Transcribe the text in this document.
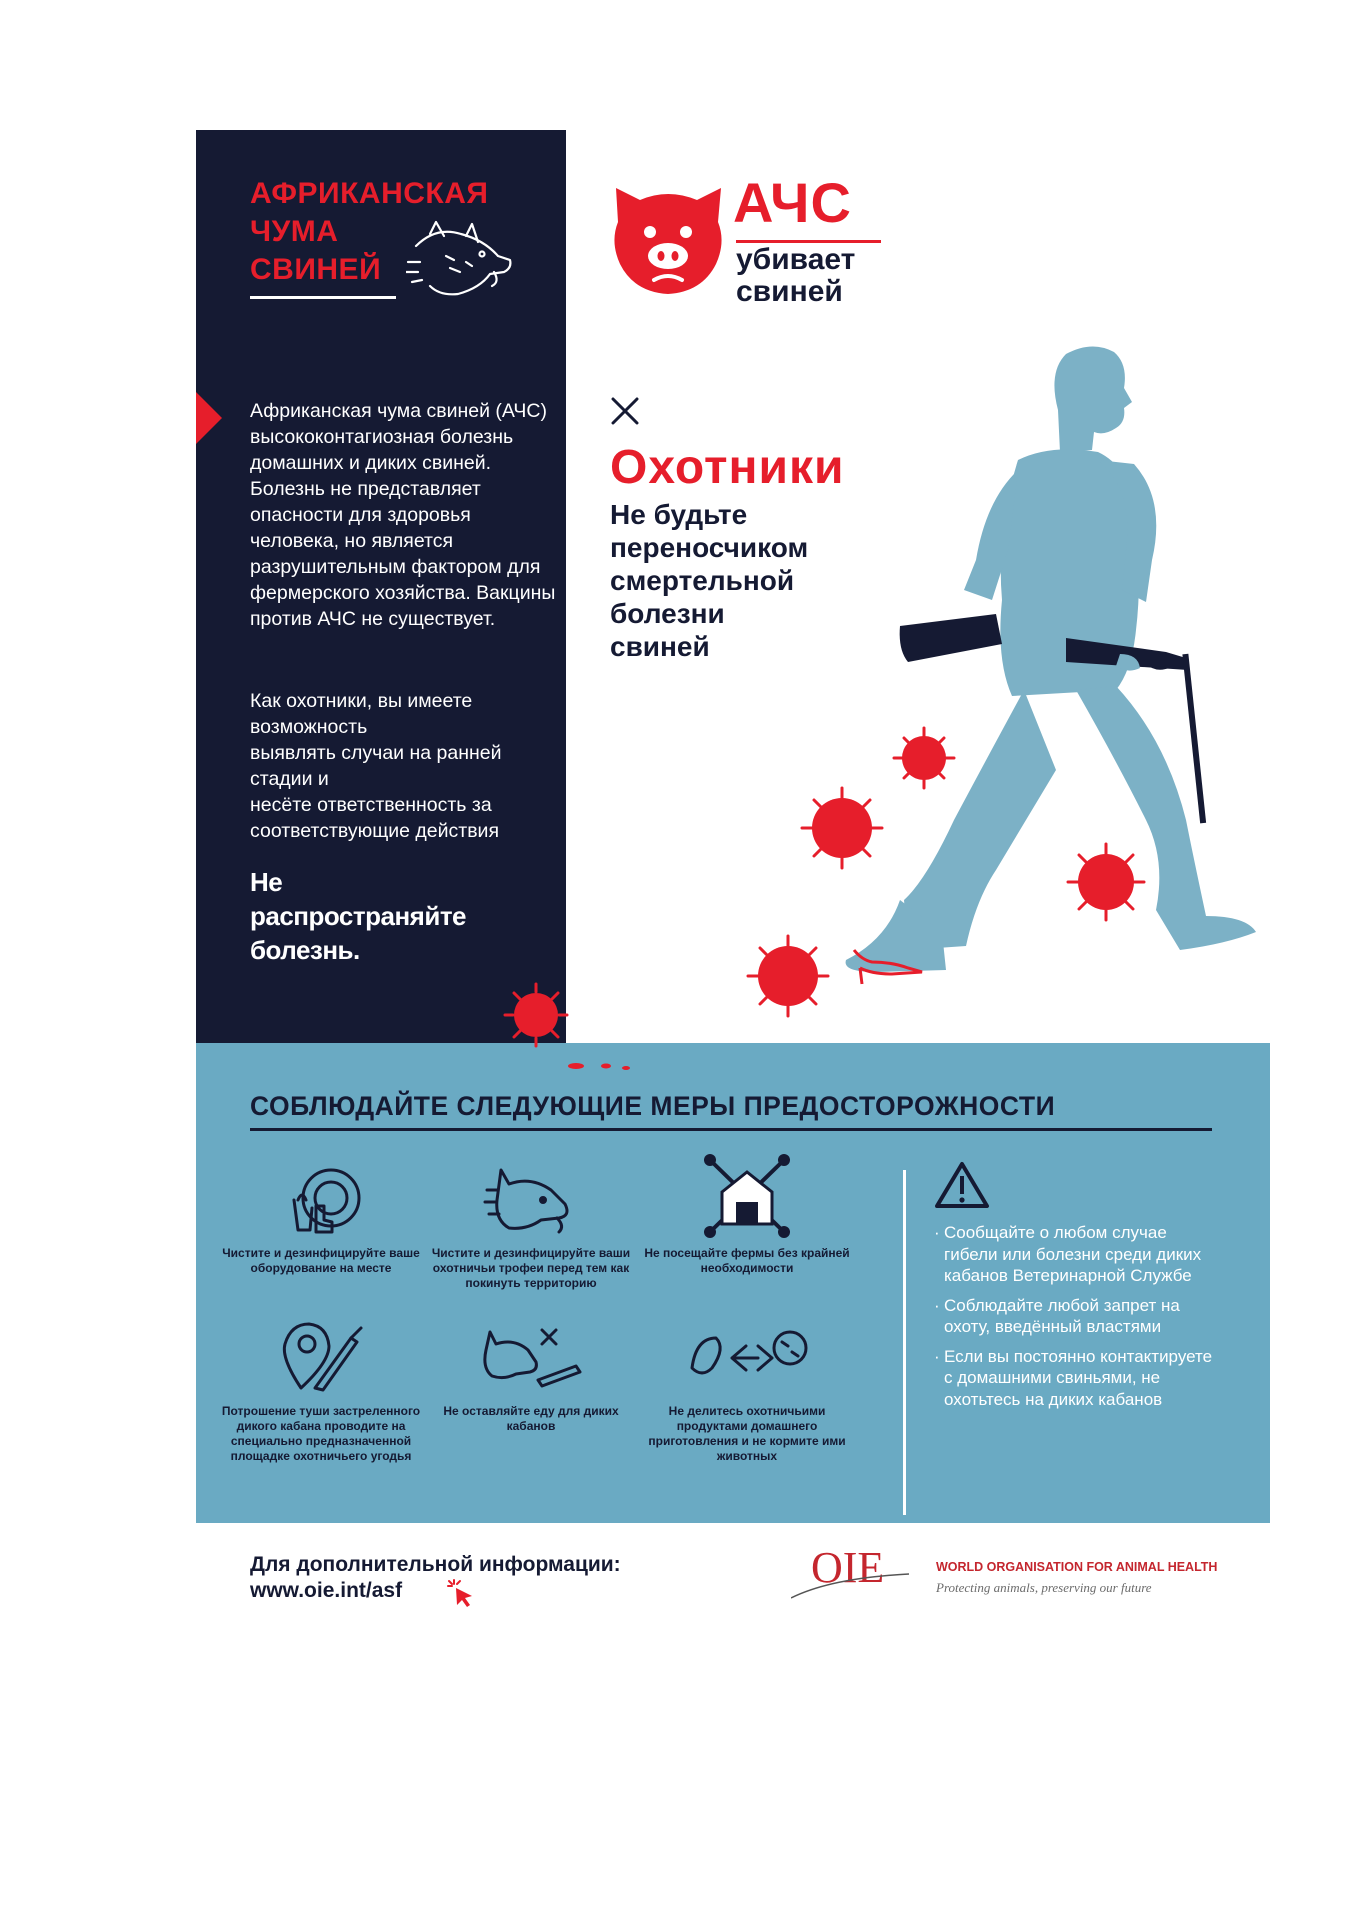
АФРИКАНСКАЯ
ЧУМА
СВИНЕЙ
Африканская чума свиней (АЧС) высококонтагиозная болезнь домашних и диких свиней. Болезнь не представляет опасности для здоровья человека, но является разрушительным фактором для фермерского хозяйства. Вакцины против АЧС не существует.
Как охотники, вы имеете возможность
выявлять случаи на ранней стадии и
несёте ответственность за соответствующие действия
Не
распространяйте
болезнь.
АЧС
убивает
свиней
Охотники
Не будьте
переносчиком
смертельной
болезни
свиней
СОБЛЮДАЙТЕ СЛЕДУЮЩИЕ МЕРЫ ПРЕДОСТОРОЖНОСТИ
Чистите и дезинфицируйте ваше оборудование на месте
Чистите и дезинфицируйте ваши охотничьи трофеи перед тем как покинуть территорию
Не посещайте фермы без крайней необходимости
Потрошение туши застреленного дикого кабана проводите на специально предназначенной площадке охотничьего угодья
Не оставляйте еду для диких кабанов
Не делитесь охотничьими продуктами домашнего приготовления и не кормите ими животных
· Сообщайте о любом случае гибели или болезни среди диких кабанов Ветеринарной Службе
· Соблюдайте любой запрет на охоту, введённый властями
· Если вы постоянно контактируете с домашними свиньями, не охотьтесь на диких кабанов
Для дополнительной информации:
www.oie.int/asf	OIE	WORLD ORGANISATION FOR ANIMAL HEALTH
Protecting animals, preserving our future
